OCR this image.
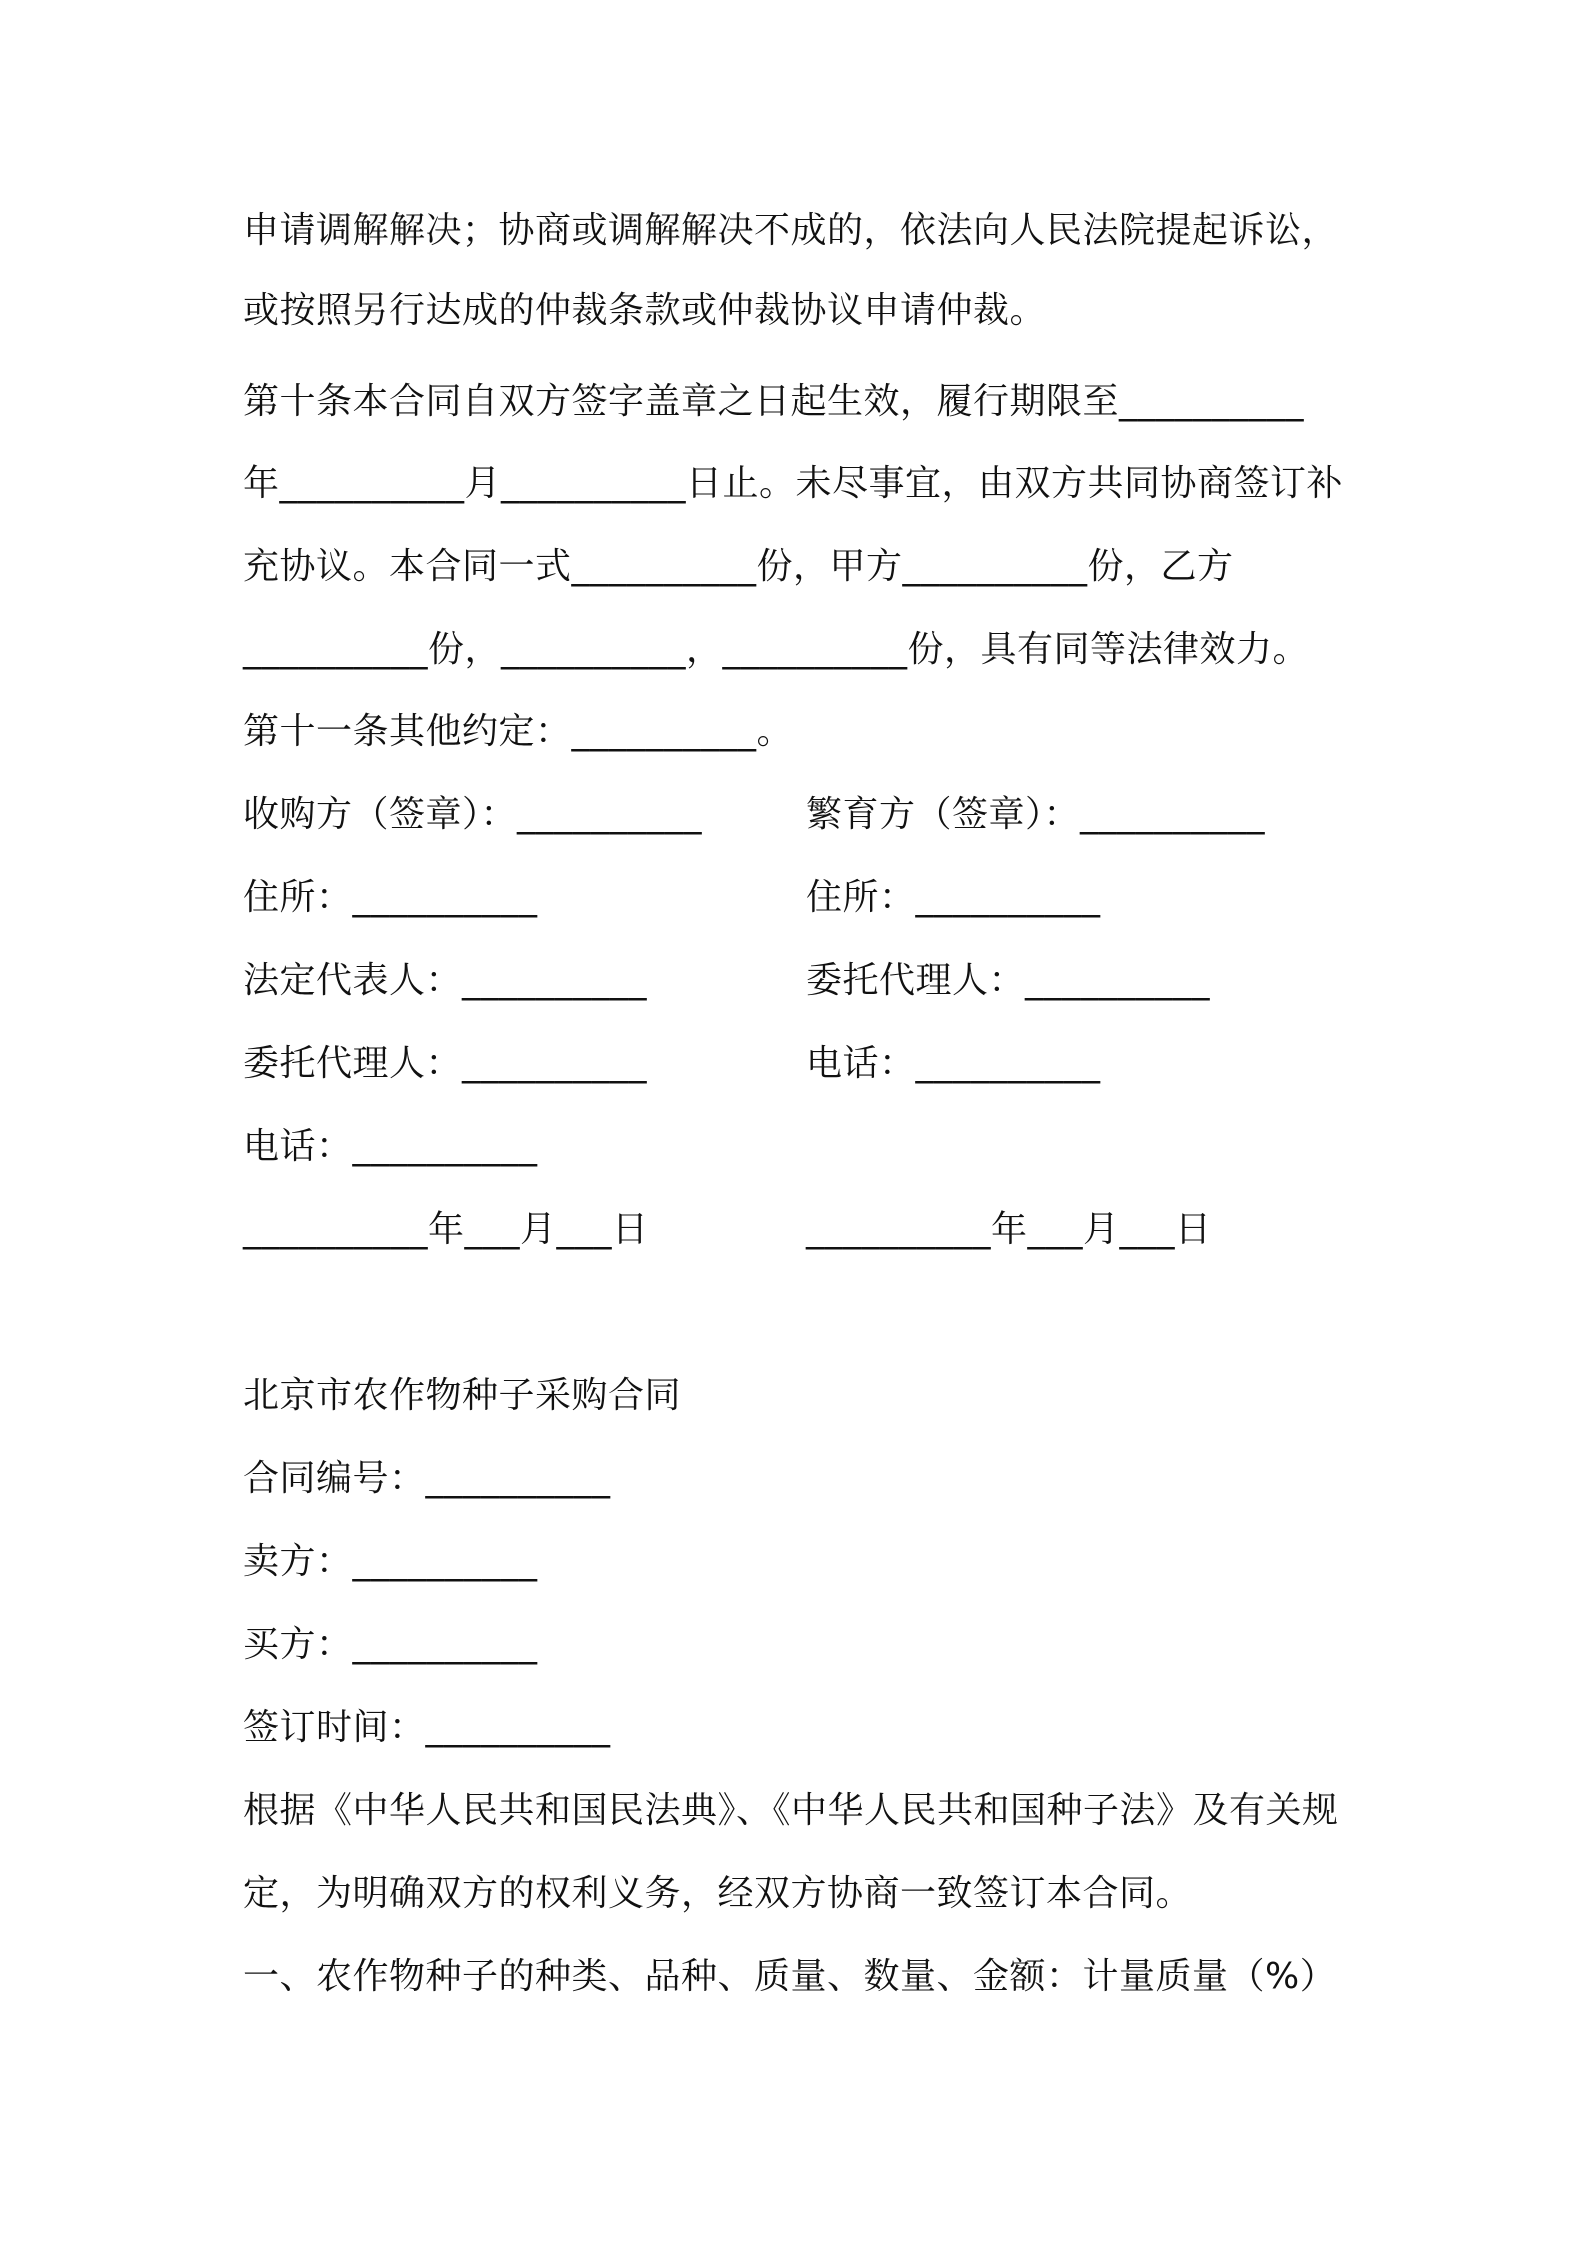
申请调解解决；协商或调解解决不成的，依法向人民法院提起诉讼，
或按照另行达成的仲裁条款或仲裁协议申请仲裁。
第十条本合同自双方签字盖章之日起生效，履行期限至__________
年__________月__________日止。未尽事宜，由双方共同协商签订补
充协议。本合同一式__________份，甲方__________份，乙方
__________份，__________，__________份，具有同等法律效力。
第十一条其他约定：__________。
收购方（签章）：__________	繁育方（签章）：__________
住所：__________	住所：__________
法定代表人：__________	委托代理人：__________
委托代理人：__________	电话：__________
电话：__________
__________年___月___日	__________年___月___日
北京市农作物种子采购合同
合同编号：__________
卖方：__________
买方：__________
签订时间：__________
根据《中华人民共和国民法典》、《中华人民共和国种子法》及有关规
定，为明确双方的权利义务，经双方协商一致签订本合同。
一、农作物种子的种类、品种、质量、数量、金额：计量质量（%）
